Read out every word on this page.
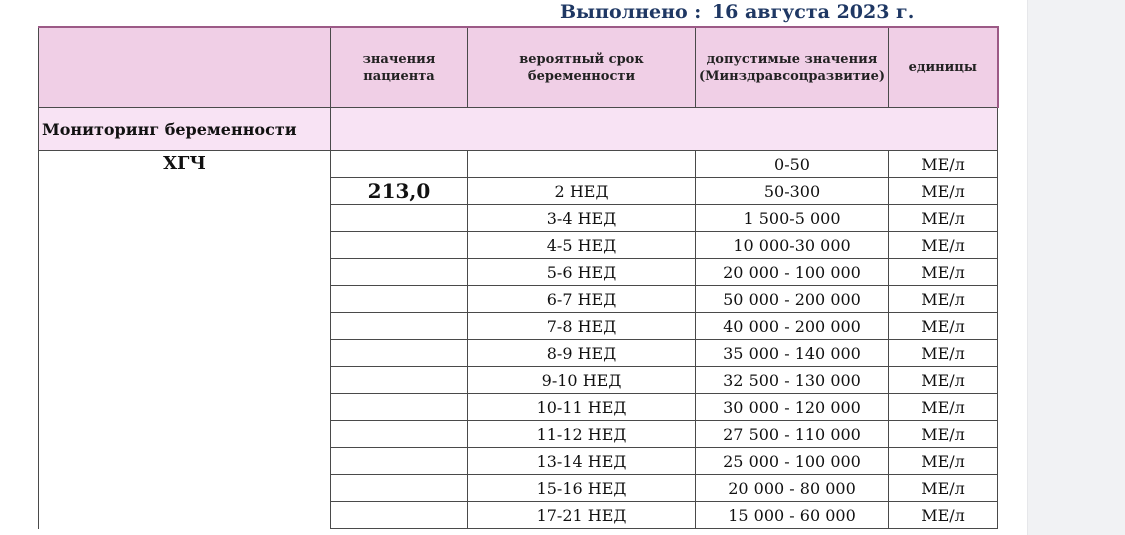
Выполнено : 16 августа 2023 г.
	значения пациента	вероятный срок беременности	допустимые значения (Минздравсоцразвитие)	единицы
Мониторинг беременности				
ХГЧ			0-50	МЕ/л
	213,0	2 НЕД	50-300	МЕ/л
		3-4 НЕД	1 500-5 000	МЕ/л
		4-5 НЕД	10 000-30 000	МЕ/л
		5-6 НЕД	20 000 - 100 000	МЕ/л
		6-7 НЕД	50 000 - 200 000	МЕ/л
		7-8 НЕД	40 000 - 200 000	МЕ/л
		8-9 НЕД	35 000 - 140 000	МЕ/л
		9-10 НЕД	32 500 - 130 000	МЕ/л
		10-11 НЕД	30 000 - 120 000	МЕ/л
		11-12 НЕД	27 500 - 110 000	МЕ/л
		13-14 НЕД	25 000 - 100 000	МЕ/л
		15-16 НЕД	20 000 - 80 000	МЕ/л
		17-21 НЕД	15 000 - 60 000	МЕ/л
